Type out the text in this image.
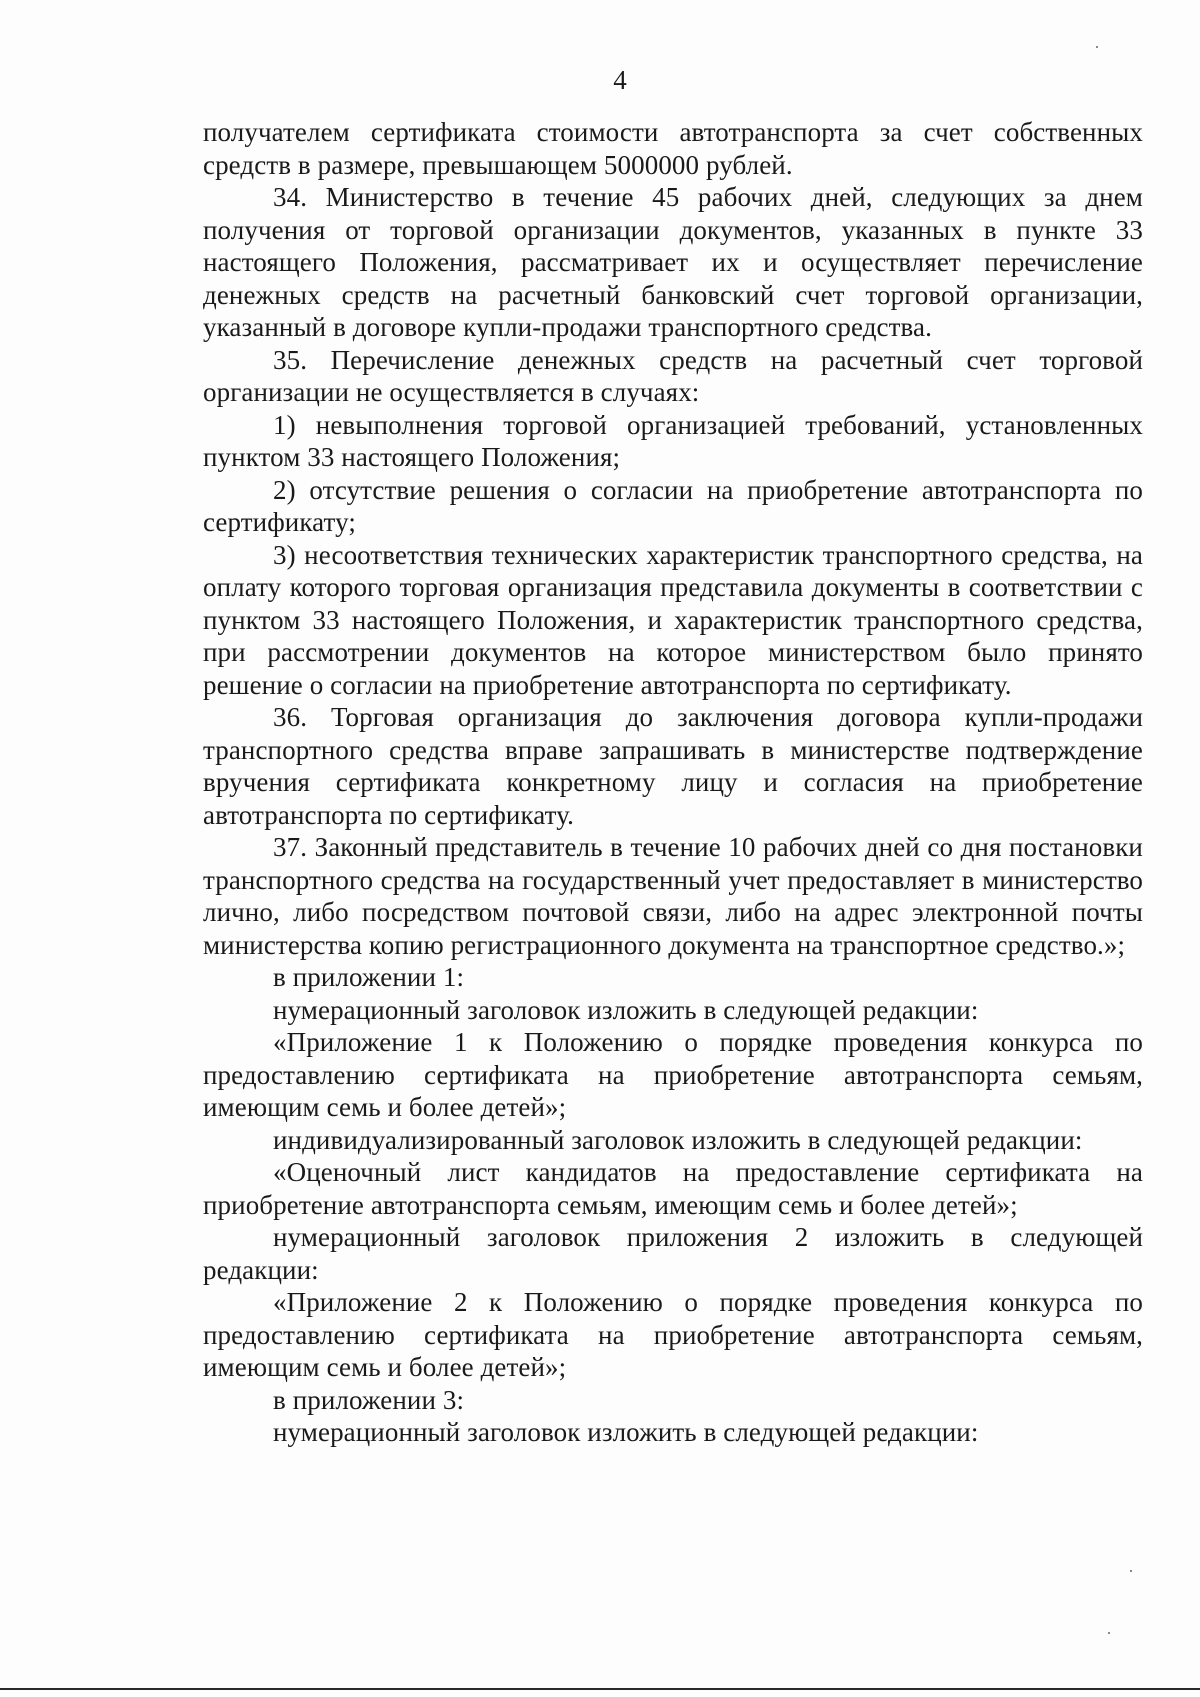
4

получателем сертификата стоимости автотранспорта за счет собственных средств в размере, превышающем 5000000 рублей.

34. Министерство в течение 45 рабочих дней, следующих за днем получения от торговой организации документов, указанных в пункте 33 настоящего Положения, рассматривает их и осуществляет перечисление денежных средств на расчетный банковский счет торговой организации, указанный в договоре купли-продажи транспортного средства.

35. Перечисление денежных средств на расчетный счет торговой организации не осуществляется в случаях:

1) невыполнения торговой организацией требований, установленных пунктом 33 настоящего Положения;

2) отсутствие решения о согласии на приобретение автотранспорта по сертификату;

3) несоответствия технических характеристик транспортного средства, на оплату которого торговая организация представила документы в соответствии с пунктом 33 настоящего Положения, и характеристик транспортного средства, при рассмотрении документов на которое министерством было принято решение о согласии на приобретение автотранспорта по сертификату.

36. Торговая организация до заключения договора купли-продажи транспортного средства вправе запрашивать в министерстве подтверждение вручения сертификата конкретному лицу и согласия на приобретение автотранспорта по сертификату.

37. Законный представитель в течение 10 рабочих дней со дня постановки транспортного средства на государственный учет предоставляет в министерство лично, либо посредством почтовой связи, либо на адрес электронной почты министерства копию регистрационного документа на транспортное средство.»;

в приложении 1:

нумерационный заголовок изложить в следующей редакции:

«Приложение 1 к Положению о порядке проведения конкурса по предоставлению сертификата на приобретение автотранспорта семьям, имеющим семь и более детей»;

индивидуализированный заголовок изложить в следующей редакции:

«Оценочный лист кандидатов на предоставление сертификата на приобретение автотранспорта семьям, имеющим семь и более детей»;

нумерационный заголовок приложения 2 изложить в следующей редакции:

«Приложение 2 к Положению о порядке проведения конкурса по предоставлению сертификата на приобретение автотранспорта семьям, имеющим семь и более детей»;

в приложении 3:

нумерационный заголовок изложить в следующей редакции:
